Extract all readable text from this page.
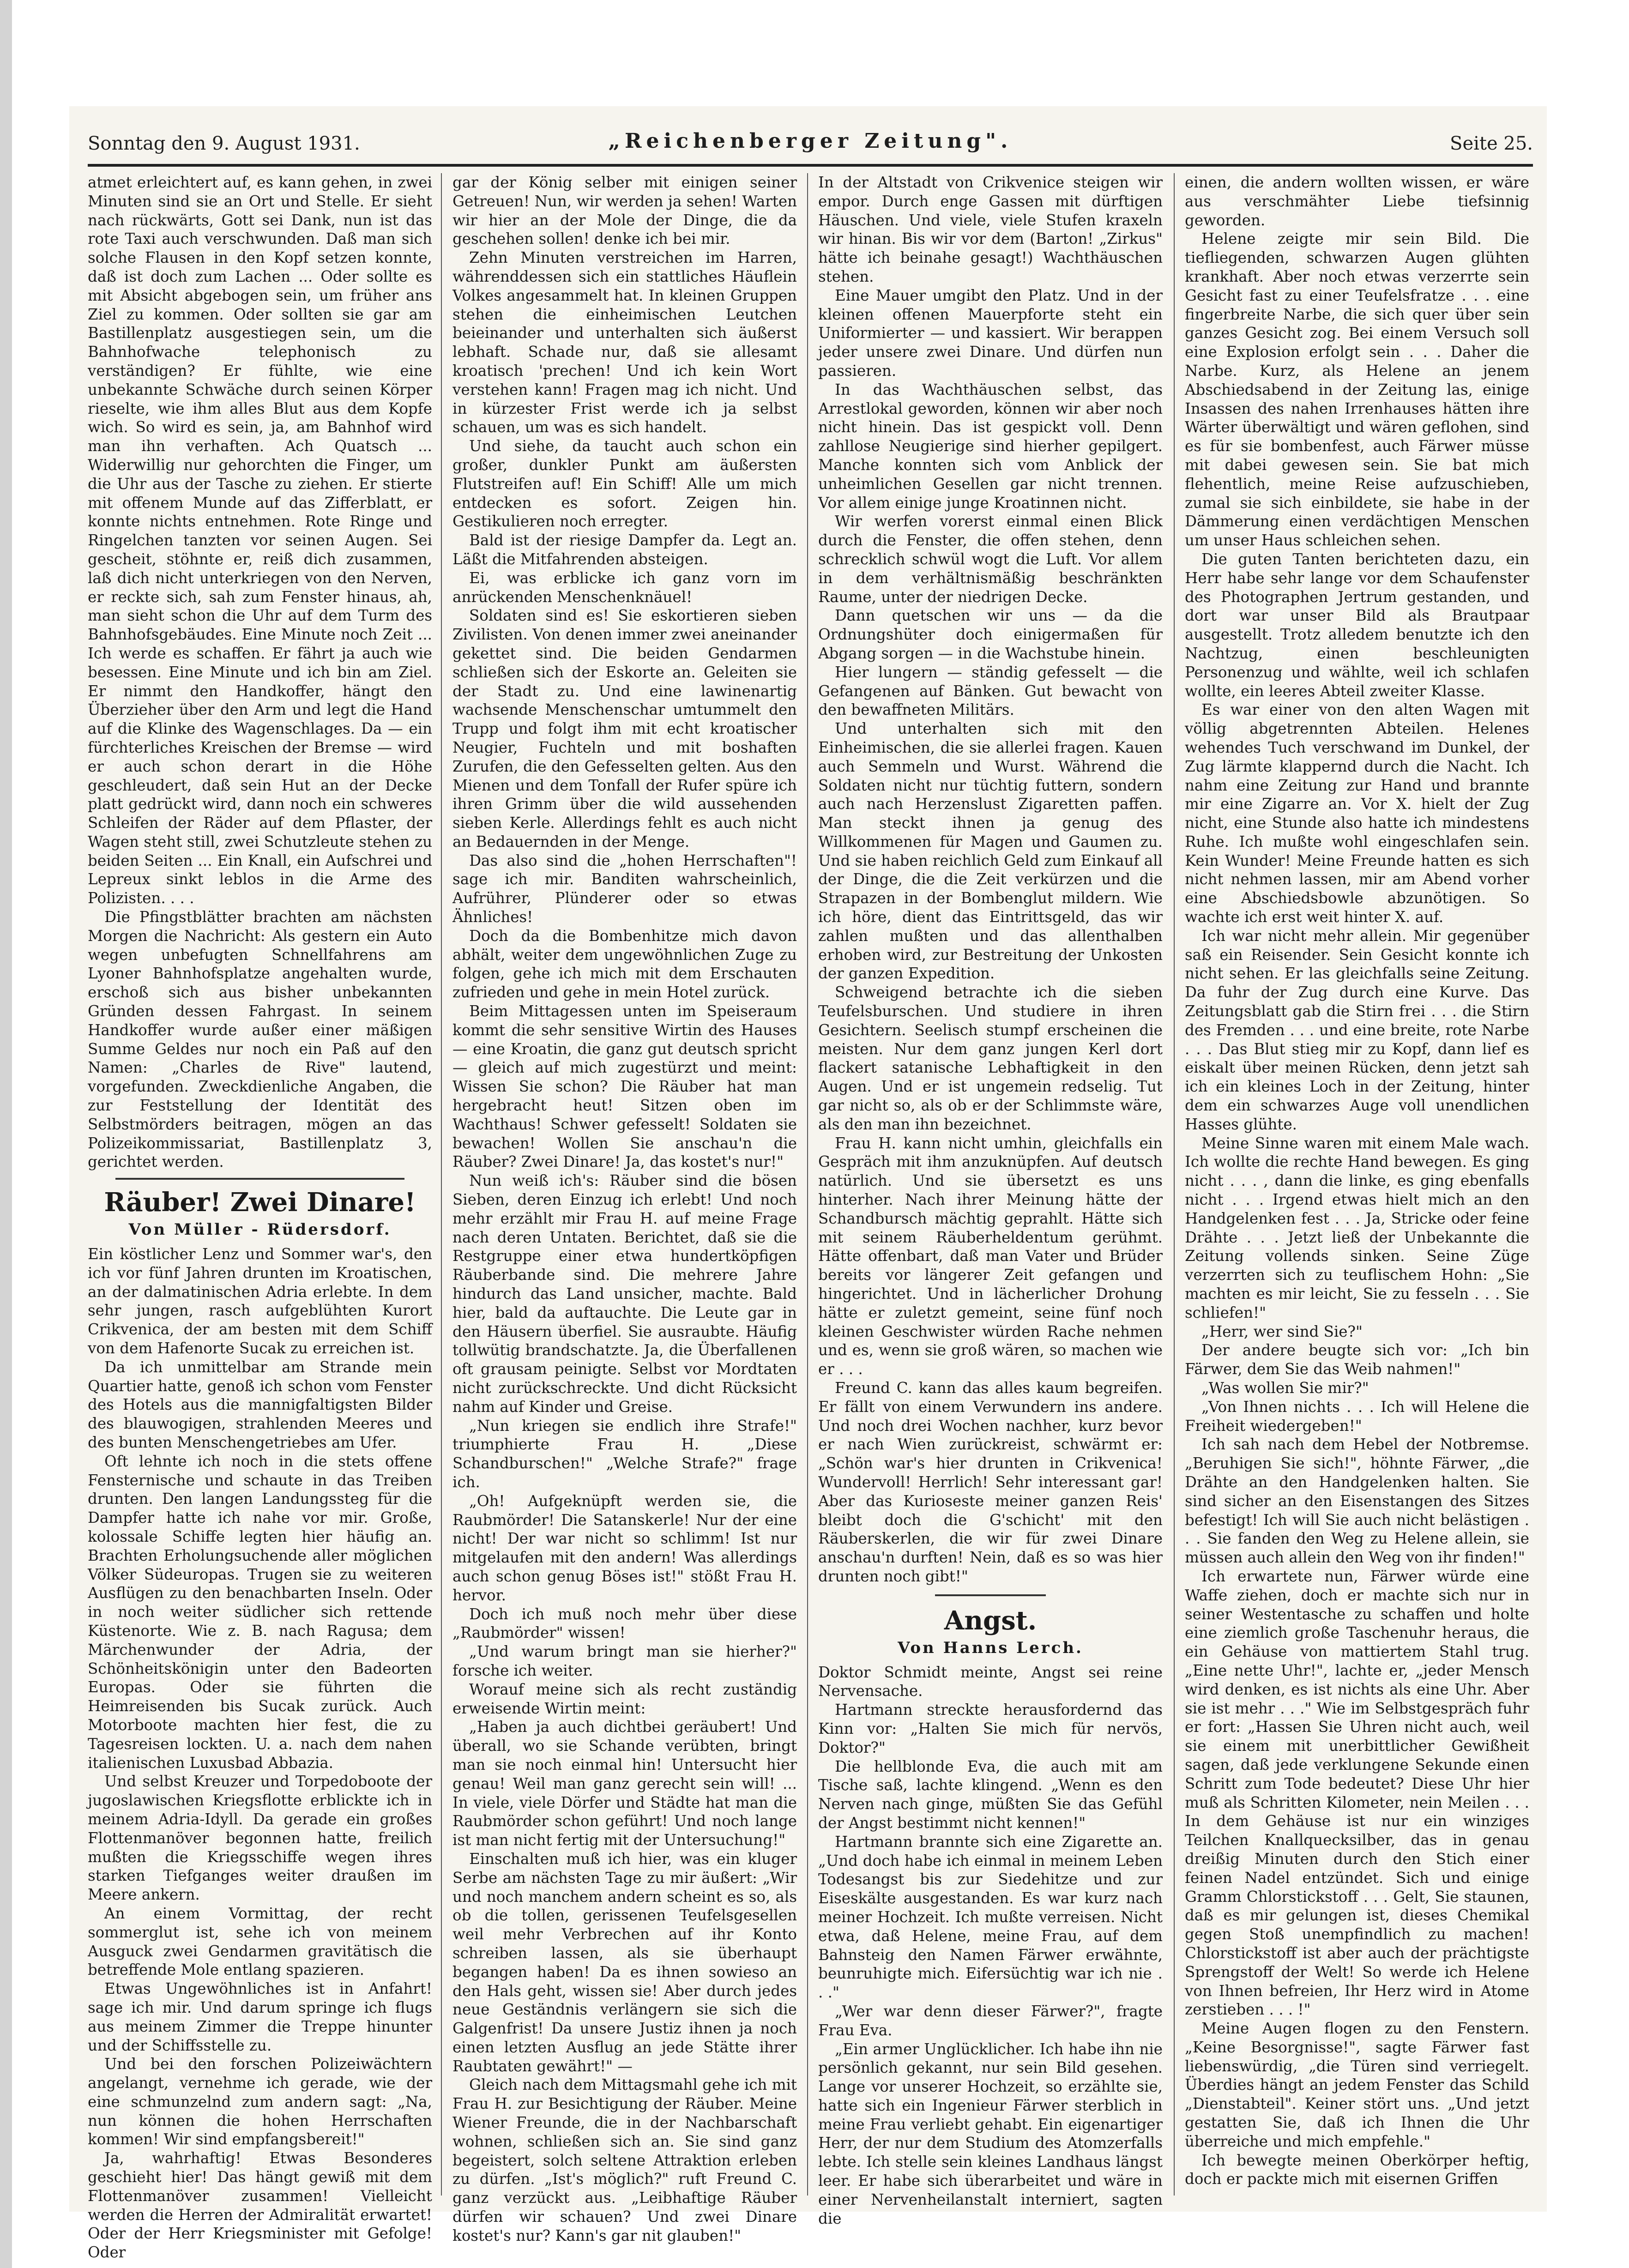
Sonntag den 9. August 1931.	„Reichenberger Zeitung".	Seite 25.

atmet erleichtert auf, es kann gehen, in zwei Minuten sind sie an Ort und Stelle. Er sieht nach rückwärts, Gott sei Dank, nun ist das rote Taxi auch verschwunden. Daß man sich solche Flausen in den Kopf setzen konnte, daß ist doch zum Lachen ... Oder sollte es mit Absicht abgebogen sein, um früher ans Ziel zu kommen. Oder sollten sie gar am Bastillenplatz ausgestiegen sein, um die Bahnhofwache telephonisch zu verständigen? Er fühlte, wie eine unbekannte Schwäche durch seinen Körper rieselte, wie ihm alles Blut aus dem Kopfe wich. So wird es sein, ja, am Bahnhof wird man ihn verhaften. Ach Quatsch ... Widerwillig nur gehorchten die Finger, um die Uhr aus der Tasche zu ziehen. Er stierte mit offenem Munde auf das Zifferblatt, er konnte nichts entnehmen. Rote Ringe und Ringelchen tanzten vor seinen Augen. Sei gescheit, stöhnte er, reiß dich zusammen, laß dich nicht unterkriegen von den Nerven, er reckte sich, sah zum Fenster hinaus, ah, man sieht schon die Uhr auf dem Turm des Bahnhofsgebäudes. Eine Minute noch Zeit ... Ich werde es schaffen. Er fährt ja auch wie besessen. Eine Minute und ich bin am Ziel. Er nimmt den Handkoffer, hängt den Überzieher über den Arm und legt die Hand auf die Klinke des Wagenschlages. Da — ein fürchterliches Kreischen der Bremse — wird er auch schon derart in die Höhe geschleudert, daß sein Hut an der Decke platt gedrückt wird, dann noch ein schweres Schleifen der Räder auf dem Pflaster, der Wagen steht still, zwei Schutzleute stehen zu beiden Seiten ... Ein Knall, ein Aufschrei und Lepreux sinkt leblos in die Arme des Polizisten. . . .

Die Pfingstblätter brachten am nächsten Morgen die Nachricht: Als gestern ein Auto wegen unbefugten Schnellfahrens am Lyoner Bahnhofsplatze angehalten wurde, erschoß sich aus bisher unbekannten Gründen dessen Fahrgast. In seinem Handkoffer wurde außer einer mäßigen Summe Geldes nur noch ein Paß auf den Namen: „Charles de Rive" lautend, vorgefunden. Zweckdienliche Angaben, die zur Feststellung der Identität des Selbstmörders beitragen, mögen an das Polizeikommissariat, Bastillenplatz 3, gerichtet werden.

Räuber! Zwei Dinare!
Von Müller - Rüdersdorf.

Ein köstlicher Lenz und Sommer war's, den ich vor fünf Jahren drunten im Kroatischen, an der dalmatinischen Adria erlebte. In dem sehr jungen, rasch aufgeblühten Kurort Crikvenica, der am besten mit dem Schiff von dem Hafenorte Sucak zu erreichen ist.

Da ich unmittelbar am Strande mein Quartier hatte, genoß ich schon vom Fenster des Hotels aus die mannigfaltigsten Bilder des blauwogigen, strahlenden Meeres und des bunten Menschengetriebes am Ufer.

Oft lehnte ich noch in die stets offene Fensternische und schaute in das Treiben drunten. Den langen Landungssteg für die Dampfer hatte ich nahe vor mir. Große, kolossale Schiffe legten hier häufig an. Brachten Erholungsuchende aller möglichen Völker Südeuropas. Trugen sie zu weiteren Ausflügen zu den benachbarten Inseln. Oder in noch weiter südlicher sich rettende Küstenorte. Wie z. B. nach Ragusa; dem Märchenwunder der Adria, der Schönheitskönigin unter den Badeorten Europas. Oder sie führten die Heimreisenden bis Sucak zurück. Auch Motorboote machten hier fest, die zu Tagesreisen lockten. U. a. nach dem nahen italienischen Luxusbad Abbazia.

Und selbst Kreuzer und Torpedoboote der jugoslawischen Kriegsflotte erblickte ich in meinem Adria-Idyll. Da gerade ein großes Flottenmanöver begonnen hatte, freilich mußten die Kriegsschiffe wegen ihres starken Tiefganges weiter draußen im Meere ankern.

An einem Vormittag, der recht sommerglut ist, sehe ich von meinem Ausguck zwei Gendarmen gravitätisch die betreffende Mole entlang spazieren.

Etwas Ungewöhnliches ist in Anfahrt! sage ich mir. Und darum springe ich flugs aus meinem Zimmer die Treppe hinunter und der Schiffsstelle zu.

Und bei den forschen Polizeiwächtern angelangt, vernehme ich gerade, wie der eine schmunzelnd zum andern sagt: „Na, nun können die hohen Herrschaften kommen! Wir sind empfangsbereit!"

Ja, wahrhaftig! Etwas Besonderes geschieht hier! Das hängt gewiß mit dem Flottenmanöver zusammen! Vielleicht werden die Herren der Admiralität erwartet! Oder der Herr Kriegsminister mit Gefolge! Oder

gar der König selber mit einigen seiner Getreuen! Nun, wir werden ja sehen! Warten wir hier an der Mole der Dinge, die da geschehen sollen! denke ich bei mir.

Zehn Minuten verstreichen im Harren, währenddessen sich ein stattliches Häuflein Volkes angesammelt hat. In kleinen Gruppen stehen die einheimischen Leutchen beieinander und unterhalten sich äußerst lebhaft. Schade nur, daß sie allesamt kroatisch 'prechen! Und ich kein Wort verstehen kann! Fragen mag ich nicht. Und in kürzester Frist werde ich ja selbst schauen, um was es sich handelt.

Und siehe, da taucht auch schon ein großer, dunkler Punkt am äußersten Flutstreifen auf! Ein Schiff! Alle um mich entdecken es sofort. Zeigen hin. Gestikulieren noch erregter.

Bald ist der riesige Dampfer da. Legt an. Läßt die Mitfahrenden absteigen.

Ei, was erblicke ich ganz vorn im anrückenden Menschenknäuel!

Soldaten sind es! Sie eskortieren sieben Zivilisten. Von denen immer zwei aneinander gekettet sind. Die beiden Gendarmen schließen sich der Eskorte an. Geleiten sie der Stadt zu. Und eine lawinenartig wachsende Menschenschar umtummelt den Trupp und folgt ihm mit echt kroatischer Neugier, Fuchteln und mit boshaften Zurufen, die den Gefesselten gelten. Aus den Mienen und dem Tonfall der Rufer spüre ich ihren Grimm über die wild aussehenden sieben Kerle. Allerdings fehlt es auch nicht an Bedauernden in der Menge.

Das also sind die „hohen Herrschaften"! sage ich mir. Banditen wahrscheinlich, Aufrührer, Plünderer oder so etwas Ähnliches!

Doch da die Bombenhitze mich davon abhält, weiter dem ungewöhnlichen Zuge zu folgen, gehe ich mich mit dem Erschauten zufrieden und gehe in mein Hotel zurück.

Beim Mittagessen unten im Speiseraum kommt die sehr sensitive Wirtin des Hauses — eine Kroatin, die ganz gut deutsch spricht — gleich auf mich zugestürzt und meint: Wissen Sie schon? Die Räuber hat man hergebracht heut! Sitzen oben im Wachthaus! Schwer gefesselt! Soldaten sie bewachen! Wollen Sie anschau'n die Räuber? Zwei Dinare! Ja, das kostet's nur!"

Nun weiß ich's: Räuber sind die bösen Sieben, deren Einzug ich erlebt! Und noch mehr erzählt mir Frau H. auf meine Frage nach deren Untaten. Berichtet, daß sie die Restgruppe einer etwa hundertköpfigen Räuberbande sind. Die mehrere Jahre hindurch das Land unsicher, machte. Bald hier, bald da auftauchte. Die Leute gar in den Häusern überfiel. Sie ausraubte. Häufig tollwütig brandschatzte. Ja, die Überfallenen oft grausam peinigte. Selbst vor Mordtaten nicht zurückschreckte. Und dicht Rücksicht nahm auf Kinder und Greise.

„Nun kriegen sie endlich ihre Strafe!" triumphierte Frau H. „Diese Schandburschen!" „Welche Strafe?" frage ich.

„Oh! Aufgeknüpft werden sie, die Raubmörder! Die Satanskerle! Nur der eine nicht! Der war nicht so schlimm! Ist nur mitgelaufen mit den andern! Was allerdings auch schon genug Böses ist!" stößt Frau H. hervor.

Doch ich muß noch mehr über diese „Raubmörder" wissen!

„Und warum bringt man sie hierher?" forsche ich weiter.

Worauf meine sich als recht zuständig erweisende Wirtin meint:

„Haben ja auch dichtbei geräubert! Und überall, wo sie Schande verübten, bringt man sie noch einmal hin! Untersucht hier genau! Weil man ganz gerecht sein will! ... In viele, viele Dörfer und Städte hat man die Raubmörder schon geführt! Und noch lange ist man nicht fertig mit der Untersuchung!"

Einschalten muß ich hier, was ein kluger Serbe am nächsten Tage zu mir äußert: „Wir und noch manchem andern scheint es so, als ob die tollen, gerissenen Teufelsgesellen weil mehr Verbrechen auf ihr Konto schreiben lassen, als sie überhaupt begangen haben! Da es ihnen sowieso an den Hals geht, wissen sie! Aber durch jedes neue Geständnis verlängern sie sich die Galgenfrist! Da unsere Justiz ihnen ja noch einen letzten Ausflug an jede Stätte ihrer Raubtaten gewährt!" —

Gleich nach dem Mittagsmahl gehe ich mit Frau H. zur Besichtigung der Räuber. Meine Wiener Freunde, die in der Nachbarschaft wohnen, schließen sich an. Sie sind ganz begeistert, solch seltene Attraktion erleben zu dürfen. „Ist's möglich?" ruft Freund C. ganz verzückt aus. „Leibhaftige Räuber dürfen wir schauen? Und zwei Dinare kostet's nur? Kann's gar nit glauben!"

In der Altstadt von Crikvenice steigen wir empor. Durch enge Gassen mit dürftigen Häuschen. Und viele, viele Stufen kraxeln wir hinan. Bis wir vor dem (Barton! „Zirkus" hätte ich beinahe gesagt!) Wachthäuschen stehen.

Eine Mauer umgibt den Platz. Und in der kleinen offenen Mauerpforte steht ein Uniformierter — und kassiert. Wir berappen jeder unsere zwei Dinare. Und dürfen nun passieren.

In das Wachthäuschen selbst, das Arrestlokal geworden, können wir aber noch nicht hinein. Das ist gespickt voll. Denn zahllose Neugierige sind hierher gepilgert. Manche konnten sich vom Anblick der unheimlichen Gesellen gar nicht trennen. Vor allem einige junge Kroatinnen nicht.

Wir werfen vorerst einmal einen Blick durch die Fenster, die offen stehen, denn schrecklich schwül wogt die Luft. Vor allem in dem verhältnismäßig beschränkten Raume, unter der niedrigen Decke.

Dann quetschen wir uns — da die Ordnungshüter doch einigermaßen für Abgang sorgen — in die Wachstube hinein.

Hier lungern — ständig gefesselt — die Gefangenen auf Bänken. Gut bewacht von den bewaffneten Militärs.

Und unterhalten sich mit den Einheimischen, die sie allerlei fragen. Kauen auch Semmeln und Wurst. Während die Soldaten nicht nur tüchtig futtern, sondern auch nach Herzenslust Zigaretten paffen. Man steckt ihnen ja genug des Willkommenen für Magen und Gaumen zu. Und sie haben reichlich Geld zum Einkauf all der Dinge, die die Zeit verkürzen und die Strapazen in der Bombenglut mildern. Wie ich höre, dient das Eintrittsgeld, das wir zahlen mußten und das allenthalben erhoben wird, zur Bestreitung der Unkosten der ganzen Expedition.

Schweigend betrachte ich die sieben Teufelsburschen. Und studiere in ihren Gesichtern. Seelisch stumpf erscheinen die meisten. Nur dem ganz jungen Kerl dort flackert satanische Lebhaftigkeit in den Augen. Und er ist ungemein redselig. Tut gar nicht so, als ob er der Schlimmste wäre, als den man ihn bezeichnet.

Frau H. kann nicht umhin, gleichfalls ein Gespräch mit ihm anzuknüpfen. Auf deutsch natürlich. Und sie übersetzt es uns hinterher. Nach ihrer Meinung hätte der Schandbursch mächtig geprahlt. Hätte sich mit seinem Räuberheldentum gerühmt. Hätte offenbart, daß man Vater und Brüder bereits vor längerer Zeit gefangen und hingerichtet. Und in lächerlicher Drohung hätte er zuletzt gemeint, seine fünf noch kleinen Geschwister würden Rache nehmen und es, wenn sie groß wären, so machen wie er . . .

Freund C. kann das alles kaum begreifen. Er fällt von einem Verwundern ins andere. Und noch drei Wochen nachher, kurz bevor er nach Wien zurückreist, schwärmt er: „Schön war's hier drunten in Crikvenica! Wundervoll! Herrlich! Sehr interessant gar! Aber das Kurioseste meiner ganzen Reis' bleibt doch die G'schicht' mit den Räuberskerlen, die wir für zwei Dinare anschau'n durften! Nein, daß es so was hier drunten noch gibt!"

Angst.
Von Hanns Lerch.

Doktor Schmidt meinte, Angst sei reine Nervensache.

Hartmann streckte herausfordernd das Kinn vor: „Halten Sie mich für nervös, Doktor?"

Die hellblonde Eva, die auch mit am Tische saß, lachte klingend. „Wenn es den Nerven nach ginge, müßten Sie das Gefühl der Angst bestimmt nicht kennen!"

Hartmann brannte sich eine Zigarette an. „Und doch habe ich einmal in meinem Leben Todesangst bis zur Siedehitze und zur Eiseskälte ausgestanden. Es war kurz nach meiner Hochzeit. Ich mußte verreisen. Nicht etwa, daß Helene, meine Frau, auf dem Bahnsteig den Namen Färwer erwähnte, beunruhigte mich. Eifersüchtig war ich nie . . ."

„Wer war denn dieser Färwer?", fragte Frau Eva.

„Ein armer Unglücklicher. Ich habe ihn nie persönlich gekannt, nur sein Bild gesehen. Lange vor unserer Hochzeit, so erzählte sie, hatte sich ein Ingenieur Färwer sterblich in meine Frau verliebt gehabt. Ein eigenartiger Herr, der nur dem Studium des Atomzerfalls lebte. Ich stelle sein kleines Landhaus längst leer. Er habe sich überarbeitet und wäre in einer Nervenheilanstalt interniert, sagten die

einen, die andern wollten wissen, er wäre aus verschmähter Liebe tiefsinnig geworden.

Helene zeigte mir sein Bild. Die tiefliegenden, schwarzen Augen glühten krankhaft. Aber noch etwas verzerrte sein Gesicht fast zu einer Teufelsfratze . . . eine fingerbreite Narbe, die sich quer über sein ganzes Gesicht zog. Bei einem Versuch soll eine Explosion erfolgt sein . . . Daher die Narbe. Kurz, als Helene an jenem Abschiedsabend in der Zeitung las, einige Insassen des nahen Irrenhauses hätten ihre Wärter überwältigt und wären geflohen, sind es für sie bombenfest, auch Färwer müsse mit dabei gewesen sein. Sie bat mich flehentlich, meine Reise aufzuschieben, zumal sie sich einbildete, sie habe in der Dämmerung einen verdächtigen Menschen um unser Haus schleichen sehen.

Die guten Tanten berichteten dazu, ein Herr habe sehr lange vor dem Schaufenster des Photographen Jertrum gestanden, und dort war unser Bild als Brautpaar ausgestellt. Trotz alledem benutzte ich den Nachtzug, einen beschleunigten Personenzug und wählte, weil ich schlafen wollte, ein leeres Abteil zweiter Klasse.

Es war einer von den alten Wagen mit völlig abgetrennten Abteilen. Helenes wehendes Tuch verschwand im Dunkel, der Zug lärmte klappernd durch die Nacht. Ich nahm eine Zeitung zur Hand und brannte mir eine Zigarre an. Vor X. hielt der Zug nicht, eine Stunde also hatte ich mindestens Ruhe. Ich mußte wohl eingeschlafen sein. Kein Wunder! Meine Freunde hatten es sich nicht nehmen lassen, mir am Abend vorher eine Abschiedsbowle abzunötigen. So wachte ich erst weit hinter X. auf.

Ich war nicht mehr allein. Mir gegenüber saß ein Reisender. Sein Gesicht konnte ich nicht sehen. Er las gleichfalls seine Zeitung. Da fuhr der Zug durch eine Kurve. Das Zeitungsblatt gab die Stirn frei . . . die Stirn des Fremden . . . und eine breite, rote Narbe . . . Das Blut stieg mir zu Kopf, dann lief es eiskalt über meinen Rücken, denn jetzt sah ich ein kleines Loch in der Zeitung, hinter dem ein schwarzes Auge voll unendlichen Hasses glühte.

Meine Sinne waren mit einem Male wach. Ich wollte die rechte Hand bewegen. Es ging nicht . . . , dann die linke, es ging ebenfalls nicht . . . Irgend etwas hielt mich an den Handgelenken fest . . . Ja, Stricke oder feine Drähte . . . Jetzt ließ der Unbekannte die Zeitung vollends sinken. Seine Züge verzerrten sich zu teuflischem Hohn: „Sie machten es mir leicht, Sie zu fesseln . . . Sie schliefen!"

„Herr, wer sind Sie?"

Der andere beugte sich vor: „Ich bin Färwer, dem Sie das Weib nahmen!"

„Was wollen Sie mir?"

„Von Ihnen nichts . . . Ich will Helene die Freiheit wiedergeben!"

Ich sah nach dem Hebel der Notbremse. „Beruhigen Sie sich!", höhnte Färwer, „die Drähte an den Handgelenken halten. Sie sind sicher an den Eisenstangen des Sitzes befestigt! Ich will Sie auch nicht belästigen . . . Sie fanden den Weg zu Helene allein, sie müssen auch allein den Weg von ihr finden!"

Ich erwartete nun, Färwer würde eine Waffe ziehen, doch er machte sich nur in seiner Westentasche zu schaffen und holte eine ziemlich große Taschenuhr heraus, die ein Gehäuse von mattiertem Stahl trug. „Eine nette Uhr!", lachte er, „jeder Mensch wird denken, es ist nichts als eine Uhr. Aber sie ist mehr . . ." Wie im Selbstgespräch fuhr er fort: „Hassen Sie Uhren nicht auch, weil sie einem mit unerbittlicher Gewißheit sagen, daß jede verklungene Sekunde einen Schritt zum Tode bedeutet? Diese Uhr hier muß als Schritten Kilometer, nein Meilen . . . In dem Gehäuse ist nur ein winziges Teilchen Knallquecksilber, das in genau dreißig Minuten durch den Stich einer feinen Nadel entzündet. Sich und einige Gramm Chlorstickstoff . . . Gelt, Sie staunen, daß es mir gelungen ist, dieses Chemikal gegen Stoß unempfindlich zu machen! Chlorstickstoff ist aber auch der prächtigste Sprengstoff der Welt! So werde ich Helene von Ihnen befreien, Ihr Herz wird in Atome zerstieben . . . !"

Meine Augen flogen zu den Fenstern. „Keine Besorgnisse!", sagte Färwer fast liebenswürdig, „die Türen sind verriegelt. Überdies hängt an jedem Fenster das Schild „Dienstabteil". Keiner stört uns. „Und jetzt gestatten Sie, daß ich Ihnen die Uhr überreiche und mich empfehle."

Ich bewegte meinen Oberkörper heftig, doch er packte mich mit eisernen Griffen
